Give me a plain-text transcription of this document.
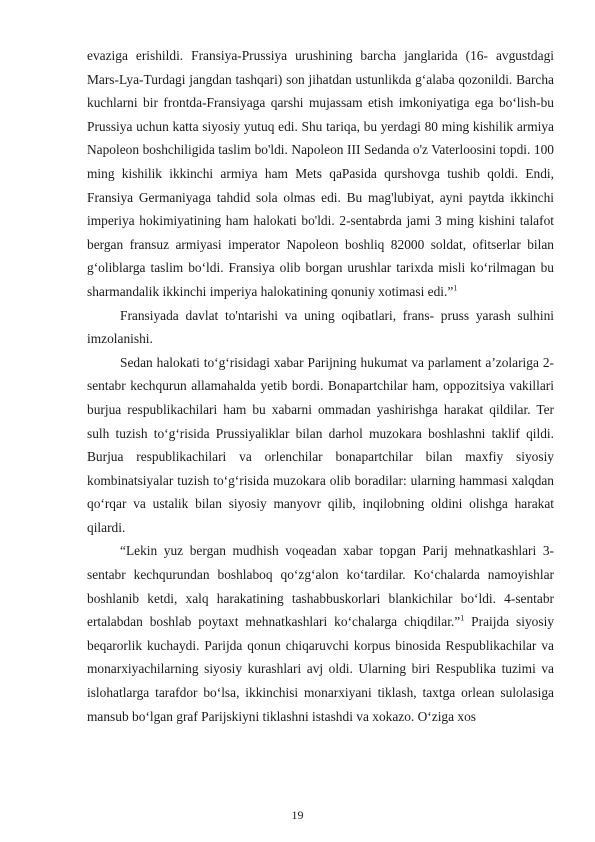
evaziga erishildi. Fransiya-Prussiya urushining barcha janglarida (16- avgustdagi Mars-Lya-Turdagi jangdan tashqari) son jihatdan ustunlikda g‘alaba qozonildi. Barcha kuchlarni bir frontda-Fransiyaga qarshi mujassam etish imkoniyatiga ega bo‘lish-bu Prussiya uchun katta siyosiy yutuq edi. Shu tariqa, bu yerdagi 80 ming kishilik armiya Napoleon boshchiligida taslim bo'ldi. Napoleon III Sedanda o'z Vaterloosini topdi. 100 ming kishilik ikkinchi armiya ham Mets qaPasida qurshovga tushib qoldi. Endi, Fransiya Germaniyaga tahdid sola olmas edi. Bu mag'lubiyat, ayni paytda ikkinchi imperiya hokimiyatining ham halokati bo'ldi. 2-sentabrda jami 3 ming kishini talafot bergan fransuz armiyasi imperator Napoleon boshliq 82000 soldat, ofitserlar bilan g‘oliblarga taslim bo‘ldi. Fransiya olib borgan urushlar tarixda misli ko‘rilmagan bu sharmandalik ikkinchi imperiya halokatining qonuniy xotimasi edi.”$^1$

Fransiyada davlat to'ntarishi va uning oqibatlari, frans- pruss yarash sulhini imzolanishi.

Sedan halokati to‘g‘risidagi xabar Parijning hukumat va parlament a’zolariga 2-sentabr kechqurun allamahalda yetib bordi. Bonapartchilar ham, oppozitsiya vakillari burjua respublikachilari ham bu xabarni ommadan yashirishga harakat qildilar. Ter sulh tuzish to‘g‘risida Prussiyaliklar bilan darhol muzokara boshlashni taklif qildi. Burjua respublikachilari va orlenchilar bonapartchilar bilan maxfiy siyosiy kombinatsiyalar tuzish to‘g‘risida muzokara olib boradilar: ularning hammasi xalqdan qo‘rqar va ustalik bilan siyosiy manyovr qilib, inqilobning oldini olishga harakat qilardi.

“Lekin yuz bergan mudhish voqeadan xabar topgan Parij mehnatkashlari 3-sentabr kechqurundan boshlaboq qo‘zg‘alon ko‘tardilar. Ko‘chalarda namoyishlar boshlanib ketdi, xalq harakatining tashabbuskorlari blankichilar bo‘ldi. 4-sentabr ertalabdan boshlab poytaxt mehnatkashlari ko‘chalarga chiqdilar.”$^1$ Praijda siyosiy beqarorlik kuchaydi. Parijda qonun chiqaruvchi korpus binosida Respublikachilar va monarxiyachilarning siyosiy kurashlari avj oldi. Ularning biri Respublika tuzimi va islohatlarga tarafdor bo‘lsa, ikkinchisi monarxiyani tiklash, taxtga orlean sulolasiga mansub bo‘lgan graf Parijskiyni tiklashni istashdi va xokazo. O‘ziga xos

19
